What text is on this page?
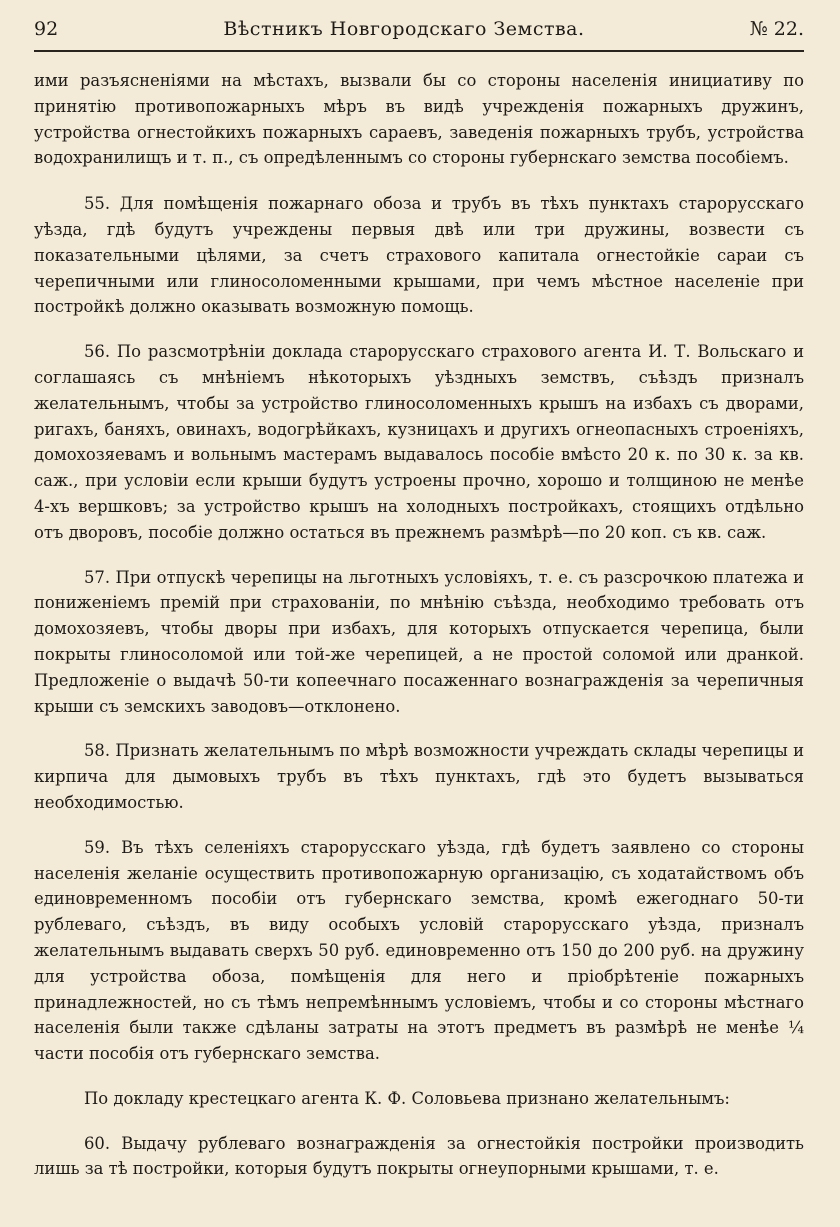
92	Вѣстникъ Новгородскаго Земства.	№ 22.

ими разъясненіями на мѣстахъ, вызвали бы со стороны населенія инициативу по принятію противопожарныхъ мѣръ въ видѣ учрежденія пожарныхъ дружинъ, устройства огнестойкихъ пожарныхъ сараевъ, заведенія пожарныхъ трубъ, устройства водохранилищъ и т. п., съ опредѣленнымъ со стороны губернскаго земства пособіемъ.

55. Для помѣщенія пожарнаго обоза и трубъ въ тѣхъ пунктахъ старорусскаго уѣзда, гдѣ будутъ учреждены первыя двѣ или три дружины, возвести съ показательными цѣлями, за счетъ страхового капитала огнестойкіе сараи съ черепичными или глиносоломенными крышами, при чемъ мѣстное населеніе при постройкѣ должно оказывать возможную помощь.

56. По разсмотрѣніи доклада старорусскаго страхового агента И. Т. Вольскаго и соглашаясь съ мнѣніемъ нѣкоторыхъ уѣздныхъ земствъ, съѣздъ призналъ желательнымъ, чтобы за устройство глиносоломенныхъ крышъ на избахъ съ дворами, ригахъ, баняхъ, овинахъ, водогрѣйкахъ, кузницахъ и другихъ огнеопасныхъ строеніяхъ, домохозяевамъ и вольнымъ мастерамъ выдавалось пособіе вмѣсто 20 к. по 30 к. за кв. саж., при условіи если крыши будутъ устроены прочно, хорошо и толщиною не менѣе 4-хъ вершковъ; за устройство крышъ на холодныхъ постройкахъ, стоящихъ отдѣльно отъ дворовъ, пособіе должно остаться въ прежнемъ размѣрѣ—по 20 коп. съ кв. саж.

57. При отпускѣ черепицы на льготныхъ условіяхъ, т. е. съ разсрочкою платежа и пониженіемъ премій при страхованіи, по мнѣнію съѣзда, необходимо требовать отъ домохозяевъ, чтобы дворы при избахъ, для которыхъ отпускается черепица, были покрыты глиносоломой или той-же черепицей, а не простой соломой или дранкой. Предложеніе о выдачѣ 50-ти копеечнаго посаженнаго вознагражденія за черепичныя крыши съ земскихъ заводовъ—отклонено.

58. Признать желательнымъ по мѣрѣ возможности учреждать склады черепицы и кирпича для дымовыхъ трубъ въ тѣхъ пунктахъ, гдѣ это будетъ вызываться необходимостью.

59. Въ тѣхъ селеніяхъ старорусскаго уѣзда, гдѣ будетъ заявлено со стороны населенія желаніе осуществить противопожарную организацію, съ ходатайствомъ объ единовременномъ пособіи отъ губернскаго земства, кромѣ ежегоднаго 50-ти рублеваго, съѣздъ, въ виду особыхъ условій старорусскаго уѣзда, призналъ желательнымъ выдавать сверхъ 50 руб. единовременно отъ 150 до 200 руб. на дружину для устройства обоза, помѣщенія для него и пріобрѣтеніе пожарныхъ принадлежностей, но съ тѣмъ непремѣннымъ условіемъ, чтобы и со стороны мѣстнаго населенія были также сдѣланы затраты на этотъ предметъ въ размѣрѣ не менѣе ¼ части пособія отъ губернскаго земства.

По докладу крестецкаго агента К. Ф. Соловьева признано желательнымъ:

60. Выдачу рублеваго вознагражденія за огнестойкія постройки производить лишь за тѣ постройки, которыя будутъ покрыты огнеупорными крышами, т. е.
